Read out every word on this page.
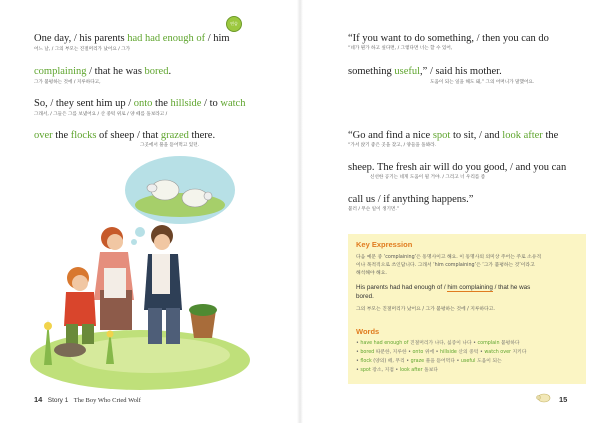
연습
One day, / his parents had had enough of / him
어느 날, / 그의 부모는 진절머리가 났어요 / 그가
complaining / that he was bored.
그가 불평하는 것에 / 지루하다고,
So, / they sent him up / onto the hillside / to watch
그래서, / 그들은 그를 보냈어요 / 산 중턱 위로 / 양 떼를 돌보라고 /
over the flocks of sheep / that grazed there.
그곳에서 풀을 뜯어먹고 있던.
14 Story 1 The Boy Who Cried Wolf
“If you want to do something, / then you can do
“네가 뭔가 하고 싶다면, / 그렇다면 너는 할 수 있어,
something useful,” / said his mother.
도움이 되는 일을 해도 돼,” 그의 어머니가 말했어요.
“Go and find a nice spot to sit, / and look after the
“가서 앉기 좋은 곳을 찾고, / 양들을 돌봐라.
sheep. The fresh air will do you good, / and you can
신선한 공기는 네게 도움이 될 거야. / 그리고 너 우리를 좀
call us / if anything happens.”
불러 / 무슨 일이 생기면.”
Key Expression
다음 예문 중 ‘complaining’은 동명사이고 해요. 이 동명사의 의미상 주어는 주로 소유격
이나 목적격으로 쓰인답니다. 그래서 ‘him complaining’은 ‘그가 불평하는 것’이라고
해석해야 해요.
His parents had had enough of / him complaining / that he was
bored.
그의 부모는 진절머리가 났어요 / 그가 불평하는 것에 / 지루하다고.
Words
• have had enough of 진절머리가 나다, 싫증이 나다 • complain 불평하다
• bored 따분한, 지루한 • onto 위에 • hillside 산의 중턱 • watch over 지키다
• flock (양의) 떼, 무리 • graze 풀을 뜯어먹다 • useful 도움이 되는
• spot 장소, 지점 • look after 돌보다
15
